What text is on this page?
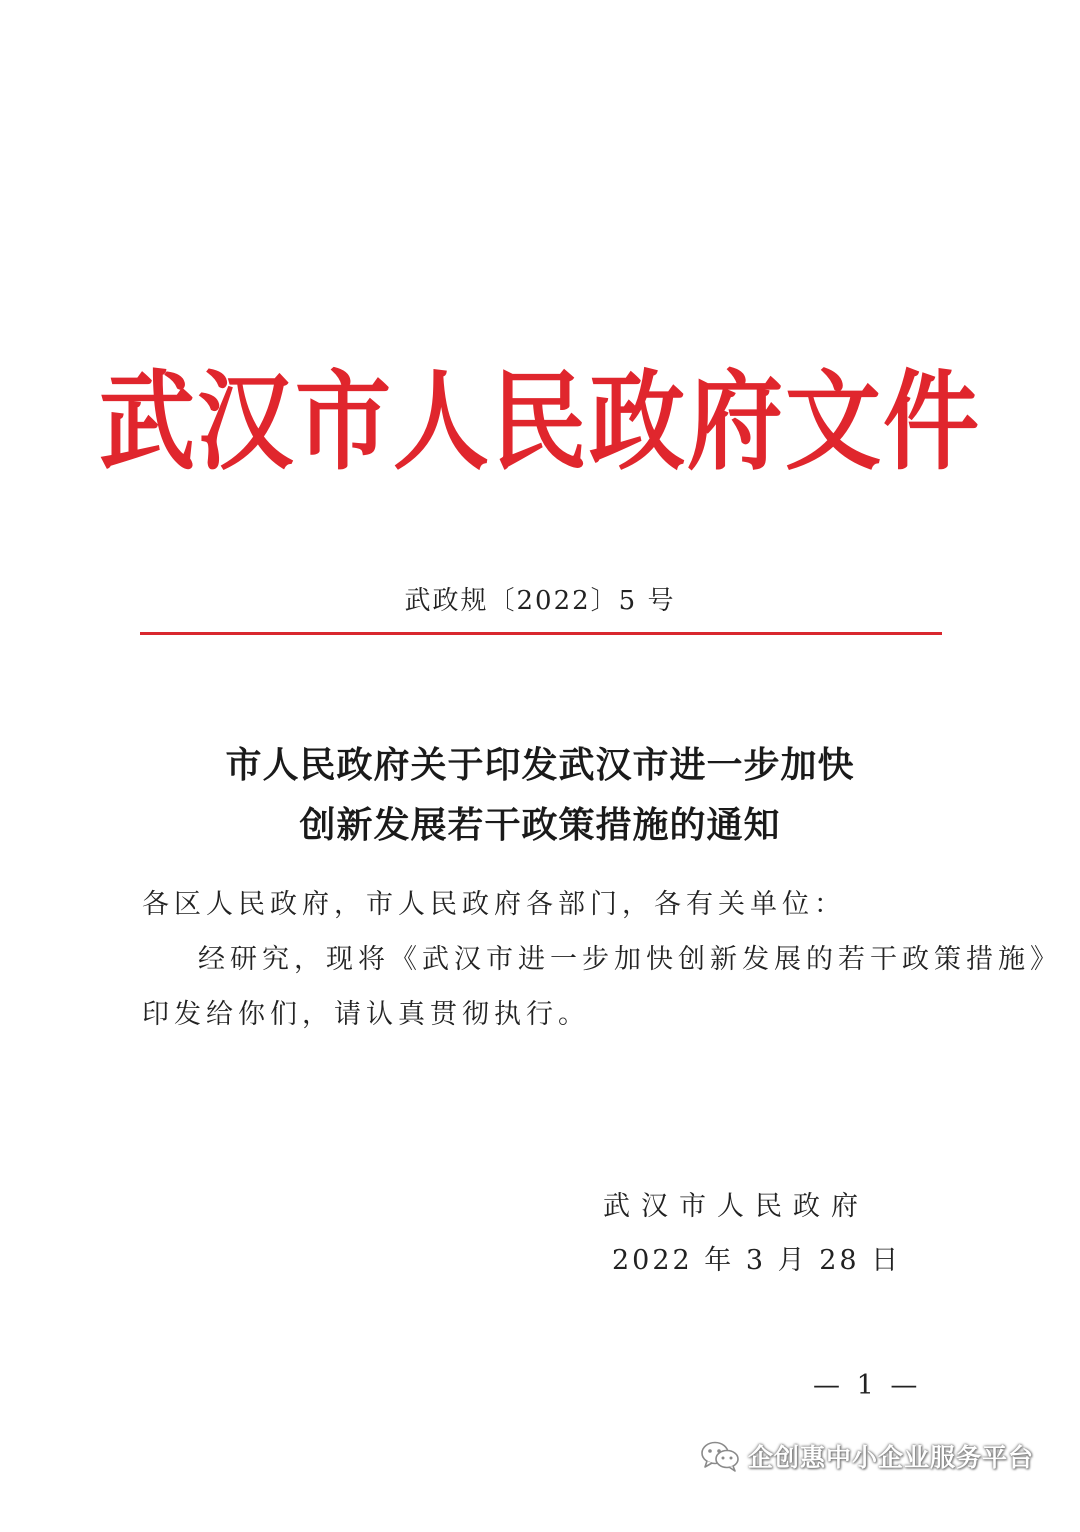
武汉市人民政府文件
武政规〔2022〕5 号
市人民政府关于印发武汉市进一步加快
创新发展若干政策措施的通知
各区人民政府，市人民政府各部门，各有关单位：
经研究，现将《武汉市进一步加快创新发展的若干政策措施》
印发给你们，请认真贯彻执行。
武汉市人民政府
2022 年 3 月 28 日
— 1 —
企创惠中小企业服务平台
